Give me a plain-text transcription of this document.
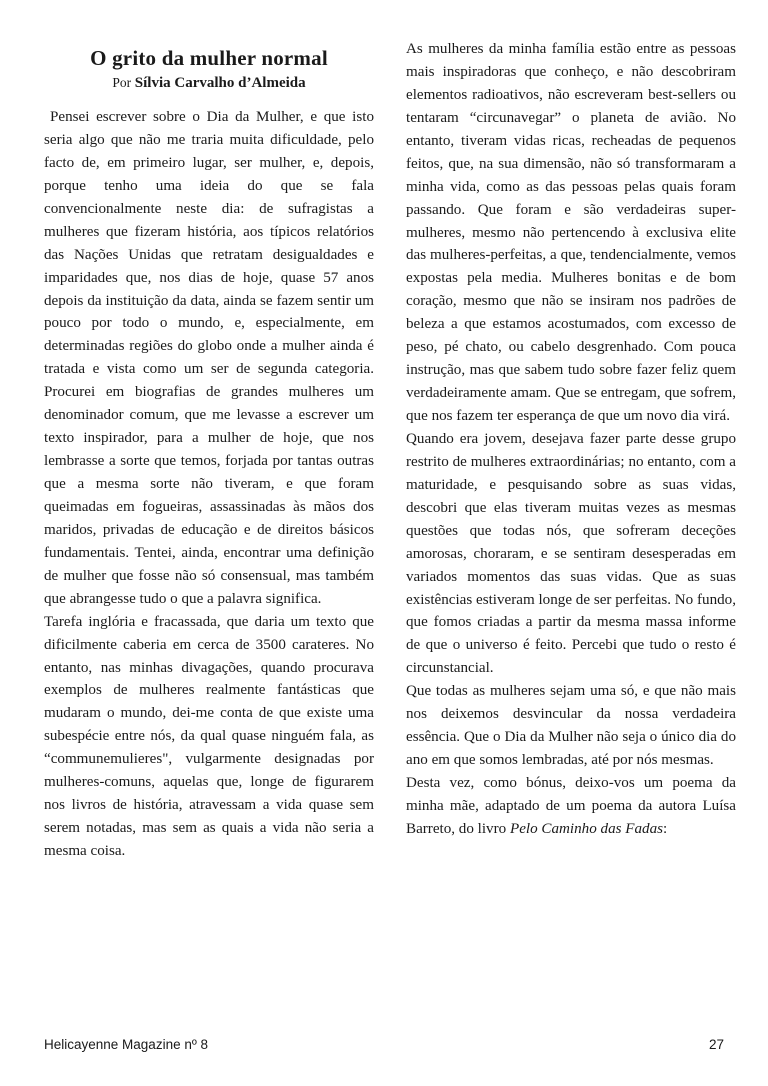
O grito da mulher normal
Por Sílvia Carvalho d’Almeida

Pensei escrever sobre o Dia da Mulher, e que isto seria algo que não me traria muita dificuldade, pelo facto de, em primeiro lugar, ser mulher, e, depois, porque tenho uma ideia do que se fala convencionalmente neste dia: de sufragistas a mulheres que fizeram história, aos típicos relatórios das Nações Unidas que retratam desigualdades e imparidades que, nos dias de hoje, quase 57 anos depois da instituição da data, ainda se fazem sentir um pouco por todo o mundo, e, especialmente, em determinadas regiões do globo onde a mulher ainda é tratada e vista como um ser de segunda categoria. Procurei em biografias de grandes mulheres um denominador comum, que me levasse a escrever um texto inspirador, para a mulher de hoje, que nos lembrasse a sorte que temos, forjada por tantas outras que a mesma sorte não tiveram, e que foram queimadas em fogueiras, assassinadas às mãos dos maridos, privadas de educação e de direitos básicos fundamentais. Tentei, ainda, encontrar uma definição de mulher que fosse não só consensual, mas também que abrangesse tudo o que a palavra significa.

Tarefa inglória e fracassada, que daria um texto que dificilmente caberia em cerca de 3500 carateres. No entanto, nas minhas divagações, quando procurava exemplos de mulheres realmente fantásticas que mudaram o mundo, dei-me conta de que existe uma subespécie entre nós, da qual quase ninguém fala, as “communemulieres", vulgarmente designadas por mulheres-comuns, aquelas que, longe de figurarem nos livros de história, atravessam a vida quase sem serem notadas, mas sem as quais a vida não seria a mesma coisa.

As mulheres da minha família estão entre as pessoas mais inspiradoras que conheço, e não descobriram elementos radioativos, não escreveram best-sellers ou tentaram “circunavegar” o planeta de avião. No entanto, tiveram vidas ricas, recheadas de pequenos feitos, que, na sua dimensão, não só transformaram a minha vida, como as das pessoas pelas quais foram passando. Que foram e são verdadeiras super-mulheres, mesmo não pertencendo à exclusiva elite das mulheres-perfeitas, a que, tendencialmente, vemos expostas pela media. Mulheres bonitas e de bom coração, mesmo que não se insiram nos padrões de beleza a que estamos acostumados, com excesso de peso, pé chato, ou cabelo desgrenhado. Com pouca instrução, mas que sabem tudo sobre fazer feliz quem verdadeiramente amam. Que se entregam, que sofrem, que nos fazem ter esperança de que um novo dia virá.

Quando era jovem, desejava fazer parte desse grupo restrito de mulheres extraordinárias; no entanto, com a maturidade, e pesquisando sobre as suas vidas, descobri que elas tiveram muitas vezes as mesmas questões que todas nós, que sofreram deceções amorosas, choraram, e se sentiram desesperadas em variados momentos das suas vidas. Que as suas existências estiveram longe de ser perfeitas. No fundo, que fomos criadas a partir da mesma massa informe de que o universo é feito. Percebi que tudo o resto é circunstancial.

Que todas as mulheres sejam uma só, e que não mais nos deixemos desvincular da nossa verdadeira essência. Que o Dia da Mulher não seja o único dia do ano em que somos lembradas, até por nós mesmas.

Desta vez, como bónus, deixo-vos um poema da minha mãe, adaptado de um poema da autora Luísa Barreto, do livro Pelo Caminho das Fadas:

Helicayenne Magazine nº 8	27
